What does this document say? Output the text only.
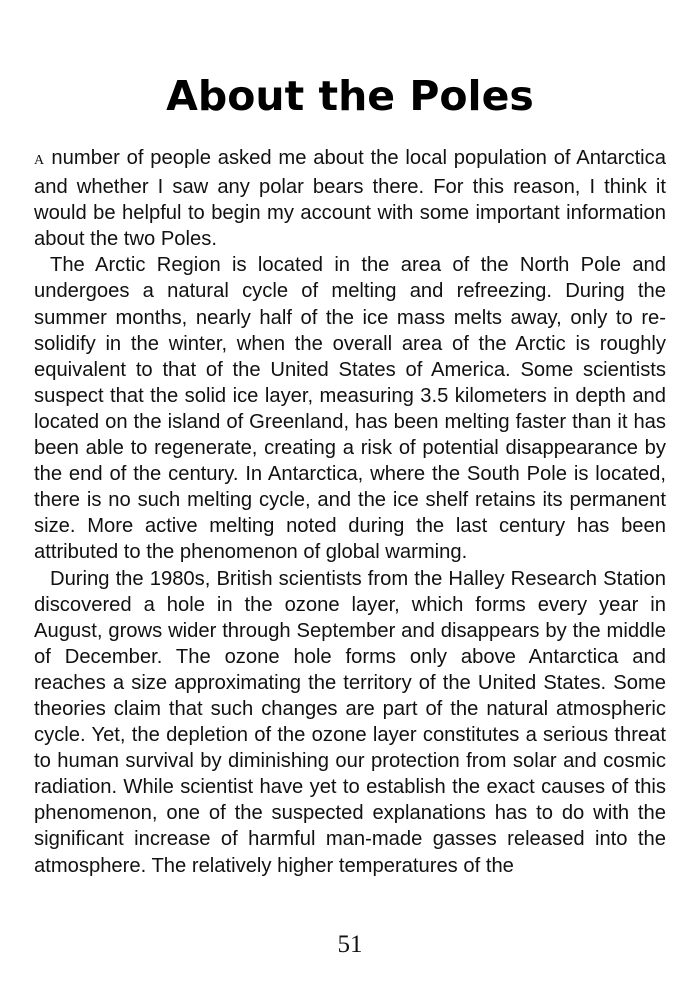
About the Poles

A number of people asked me about the local population of Antarctica and whether I saw any polar bears there. For this reason, I think it would be helpful to begin my account with some important information about the two Poles.

The Arctic Region is located in the area of the North Pole and undergoes a natural cycle of melting and refreezing. During the summer months, nearly half of the ice mass melts away, only to re-solidify in the winter, when the overall area of the Arctic is roughly equivalent to that of the United States of America. Some scientists suspect that the solid ice layer, measuring 3.5 kilometers in depth and located on the island of Greenland, has been melting faster than it has been able to regenerate, creating a risk of potential disappearance by the end of the century. In Antarctica, where the South Pole is located, there is no such melting cycle, and the ice shelf retains its permanent size. More active melting noted during the last century has been attributed to the phenomenon of global warming.

During the 1980s, British scientists from the Halley Research Station discovered a hole in the ozone layer, which forms every year in August, grows wider through September and disappears by the middle of December. The ozone hole forms only above Antarctica and reaches a size approximating the territory of the United States. Some theories claim that such changes are part of the natural atmospheric cycle. Yet, the depletion of the ozone layer constitutes a serious threat to human survival by diminishing our protection from solar and cosmic radiation. While scientist have yet to establish the exact causes of this phenomenon, one of the suspected explanations has to do with the significant increase of harmful man-made gasses released into the atmosphere. The relatively higher temperatures of the

51
